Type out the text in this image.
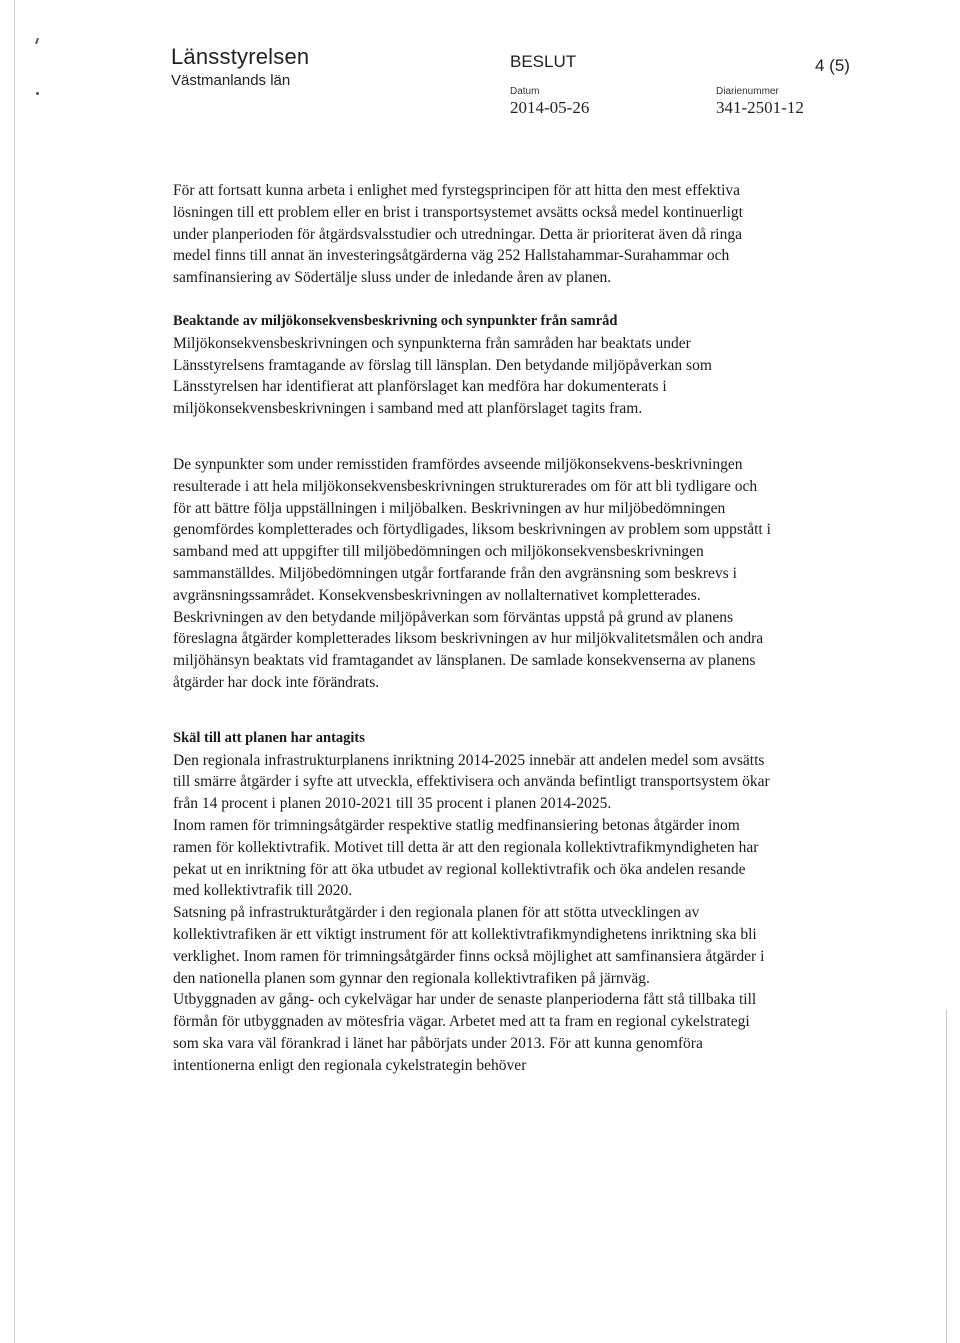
Länsstyrelsen
Västmanlands län
BESLUT	4 (5)
Datum	Diarienummer
2014-05-26	341-2501-12

För att fortsatt kunna arbeta i enlighet med fyrstegsprincipen för att hitta den mest effektiva lösningen till ett problem eller en brist i transportsystemet avsätts också medel kontinuerligt under planperioden för åtgärdsvalsstudier och utredningar. Detta är prioriterat även då ringa medel finns till annat än investeringsåtgärderna väg 252 Hallstahammar-Surahammar och samfinansiering av Södertälje sluss under de inledande åren av planen.

Beaktande av miljökonsekvensbeskrivning och synpunkter från samråd

Miljökonsekvensbeskrivningen och synpunkterna från samråden har beaktats under Länsstyrelsens framtagande av förslag till länsplan. Den betydande miljöpåverkan som Länsstyrelsen har identifierat att planförslaget kan medföra har dokumenterats i miljökonsekvensbeskrivningen i samband med att planförslaget tagits fram.

De synpunkter som under remisstiden framfördes avseende miljökonsekvens-beskrivningen resulterade i att hela miljökonsekvensbeskrivningen strukturerades om för att bli tydligare och för att bättre följa uppställningen i miljöbalken. Beskrivningen av hur miljöbedömningen genomfördes kompletterades och förtydligades, liksom beskrivningen av problem som uppstått i samband med att uppgifter till miljöbedömningen och miljökonsekvensbeskrivningen sammanställdes. Miljöbedömningen utgår fortfarande från den avgränsning som beskrevs i avgränsningssamrådet. Konsekvensbeskrivningen av nollalternativet kompletterades. Beskrivningen av den betydande miljöpåverkan som förväntas uppstå på grund av planens föreslagna åtgärder kompletterades liksom beskrivningen av hur miljökvalitetsmålen och andra miljöhänsyn beaktats vid framtagandet av länsplanen. De samlade konsekvenserna av planens åtgärder har dock inte förändrats.

Skäl till att planen har antagits

Den regionala infrastrukturplanens inriktning 2014-2025 innebär att andelen medel som avsätts till smärre åtgärder i syfte att utveckla, effektivisera och använda befintligt transportsystem ökar från 14 procent i planen 2010-2021 till 35 procent i planen 2014-2025.

Inom ramen för trimningsåtgärder respektive statlig medfinansiering betonas åtgärder inom ramen för kollektivtrafik. Motivet till detta är att den regionala kollektivtrafikmyndigheten har pekat ut en inriktning för att öka utbudet av regional kollektivtrafik och öka andelen resande med kollektivtrafik till 2020.

Satsning på infrastrukturåtgärder i den regionala planen för att stötta utvecklingen av kollektivtrafiken är ett viktigt instrument för att kollektivtrafikmyndighetens inriktning ska bli verklighet. Inom ramen för trimningsåtgärder finns också möjlighet att samfinansiera åtgärder i den nationella planen som gynnar den regionala kollektivtrafiken på järnväg.

Utbyggnaden av gång- och cykelvägar har under de senaste planperioderna fått stå tillbaka till förmån för utbyggnaden av mötesfria vägar. Arbetet med att ta fram en regional cykelstrategi som ska vara väl förankrad i länet har påbörjats under 2013. För att kunna genomföra intentionerna enligt den regionala cykelstrategin behöver
